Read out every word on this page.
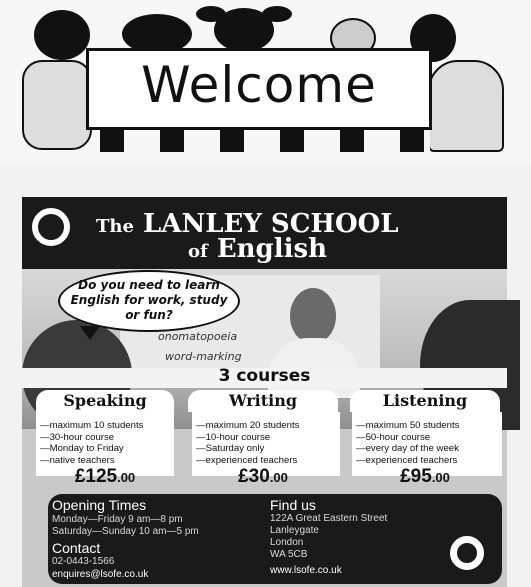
Welcome
The LANLEY SCHOOL
of English
onomatopoeia
word-marking
Do you need to learn English for work, study or fun?
3 courses
Speaking	Writing	Listening
—maximum 10 students
—30-hour course
—Monday to Friday
—native teachers
—maximum 20 students
—10-hour course
—Saturday only
—experienced teachers
—maximum 50 students
—50-hour course
—every day of the week
—experienced teachers
£125.00	£30.00	£95.00
Opening Times
Monday—Friday 9 am—8 pm
Saturday—Sunday 10 am—5 pm
Contact
02-0443-1566
enquires@lsofe.co.uk
Find us
122A Great Eastern Street
Lanleygate
London
WA 5CB
www.lsofe.co.uk
